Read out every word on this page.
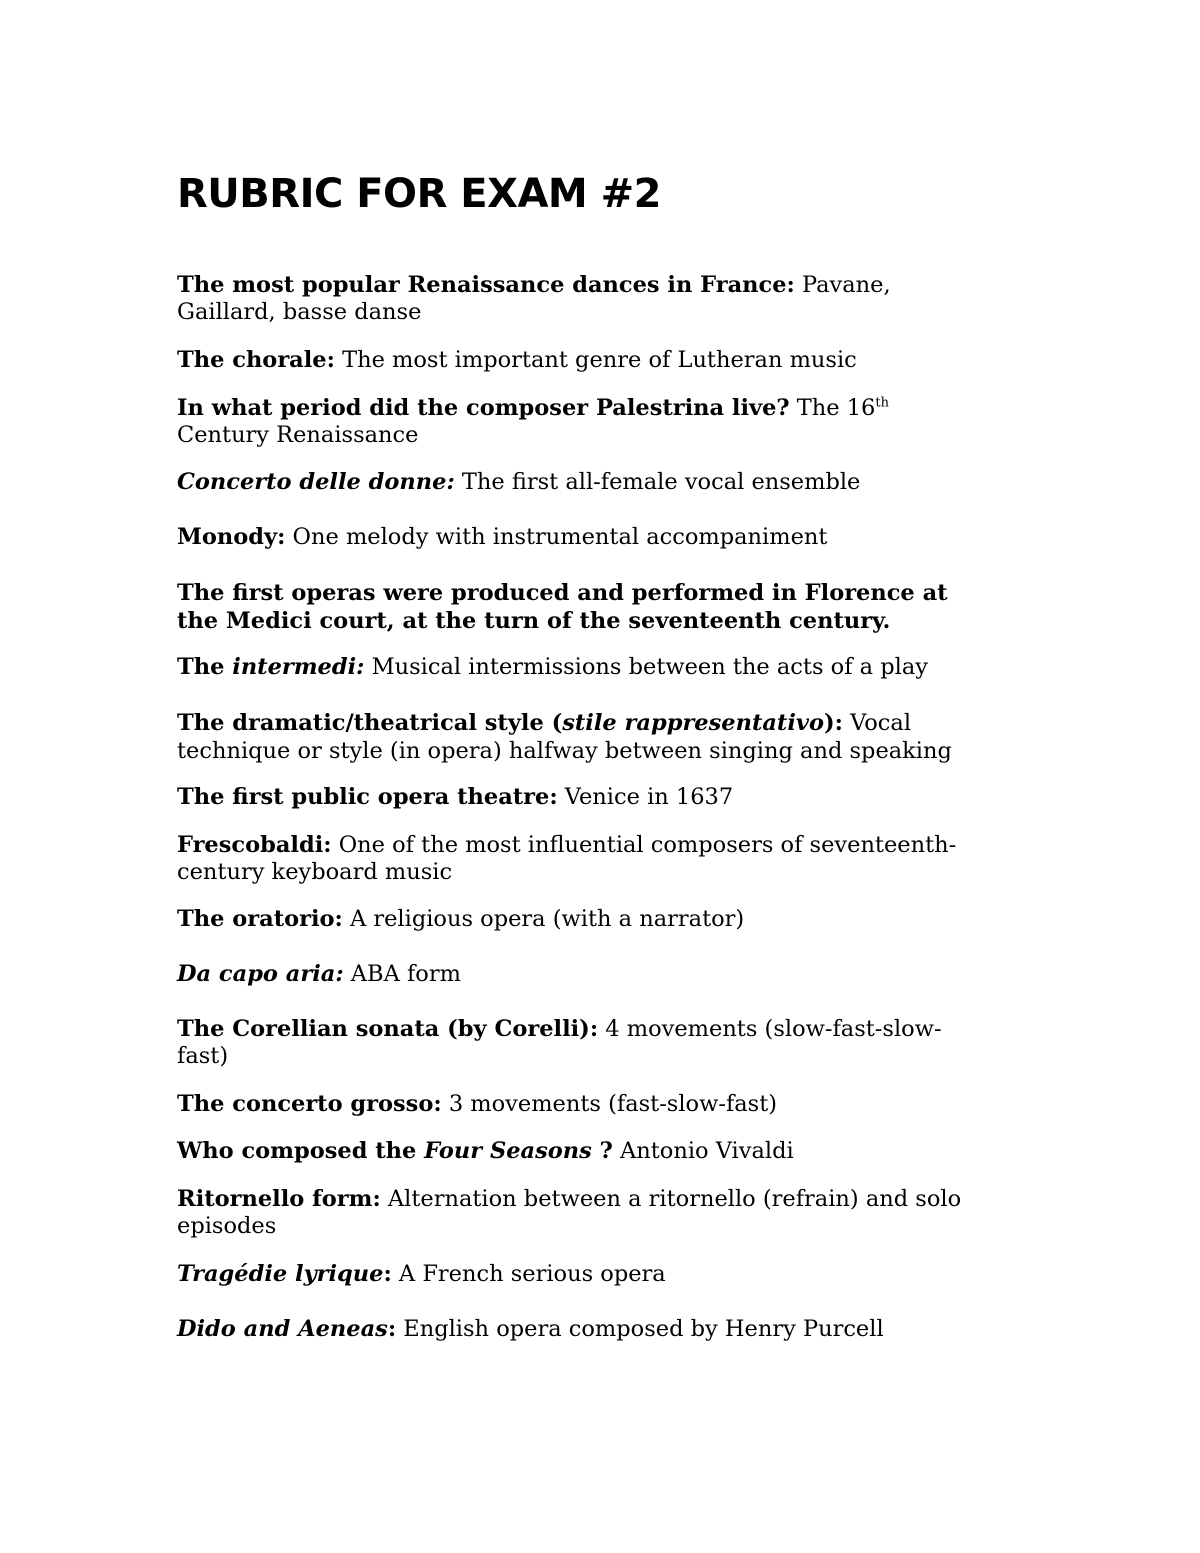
RUBRIC FOR EXAM #2

The most popular Renaissance dances in France: Pavane,
Gaillard, basse danse

The chorale: The most important genre of Lutheran music

In what period did the composer Palestrina live? The 16th
Century Renaissance

Concerto delle donne: The first all-female vocal ensemble

Monody: One melody with instrumental accompaniment

The first operas were produced and performed in Florence at
the Medici court, at the turn of the seventeenth century.

The intermedi: Musical intermissions between the acts of a play

The dramatic/theatrical style (stile rappresentativo): Vocal
technique or style (in opera) halfway between singing and speaking

The first public opera theatre: Venice in 1637

Frescobaldi: One of the most influential composers of seventeenth-
century keyboard music

The oratorio: A religious opera (with a narrator)

Da capo aria: ABA form

The Corellian sonata (by Corelli): 4 movements (slow-fast-slow-
fast)

The concerto grosso: 3 movements (fast-slow-fast)

Who composed the Four Seasons ? Antonio Vivaldi

Ritornello form: Alternation between a ritornello (refrain) and solo
episodes

Tragédie lyrique: A French serious opera

Dido and Aeneas: English opera composed by Henry Purcell
